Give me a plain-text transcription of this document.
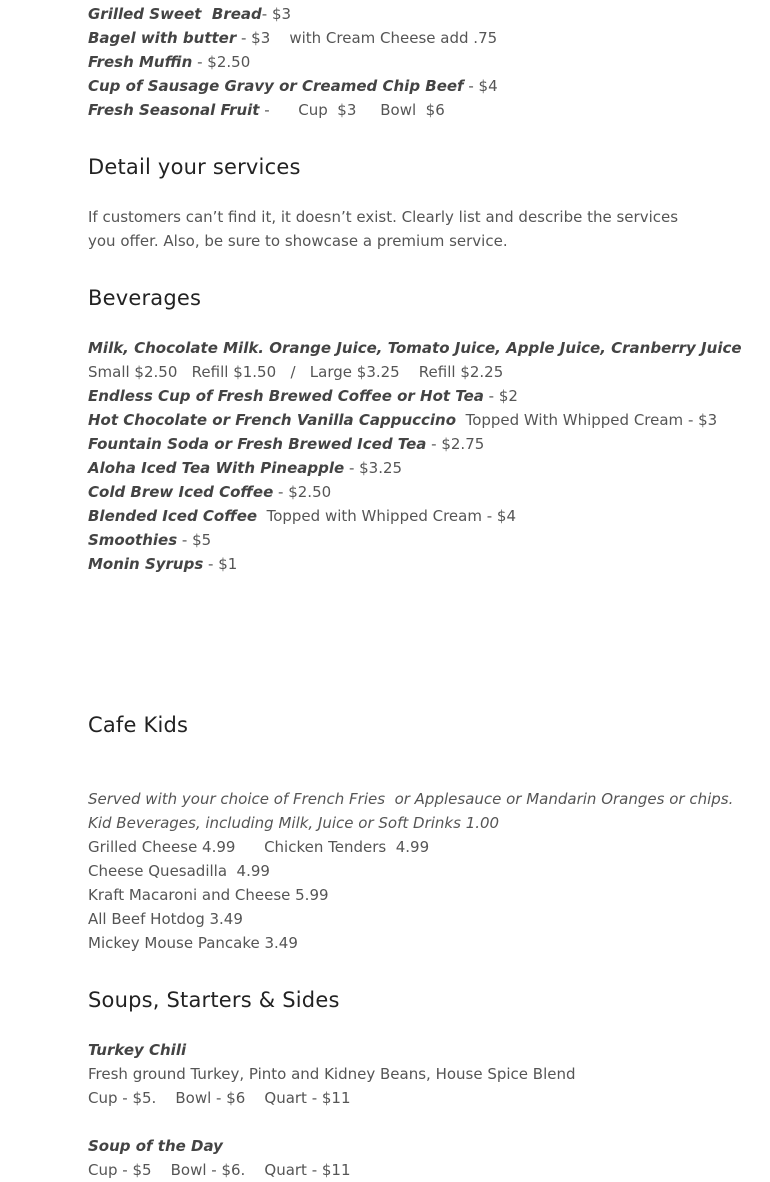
Grilled Sweet  Bread- $3
Bagel with butter - $3    with Cream Cheese add .75
Fresh Muffin - $2.50
Cup of Sausage Gravy or Creamed Chip Beef - $4
Fresh Seasonal Fruit -      Cup  $3     Bowl  $6
Detail your services
If customers can’t find it, it doesn’t exist. Clearly list and describe the services you offer. Also, be sure to showcase a premium service.
Beverages
Milk, Chocolate Milk. Orange Juice, Tomato Juice, Apple Juice, Cranberry Juice
Small $2.50   Refill $1.50   /   Large $3.25    Refill $2.25
Endless Cup of Fresh Brewed Coffee or Hot Tea - $2
Hot Chocolate or French Vanilla Cappuccino  Topped With Whipped Cream - $3
Fountain Soda or Fresh Brewed Iced Tea - $2.75
Aloha Iced Tea With Pineapple - $3.25
Cold Brew Iced Coffee - $2.50
Blended Iced Coffee  Topped with Whipped Cream - $4
Smoothies - $5
Monin Syrups - $1
Cafe Kids
Served with your choice of French Fries  or Applesauce or Mandarin Oranges or chips.
Kid Beverages, including Milk, Juice or Soft Drinks 1.00
Grilled Cheese 4.99      Chicken Tenders  4.99
Cheese Quesadilla  4.99
Kraft Macaroni and Cheese 5.99
All Beef Hotdog 3.49
Mickey Mouse Pancake 3.49
Soups, Starters & Sides
Turkey Chili
Fresh ground Turkey, Pinto and Kidney Beans, House Spice Blend
Cup - $5.    Bowl - $6    Quart - $11
Soup of the Day
Cup - $5    Bowl - $6.    Quart - $11
